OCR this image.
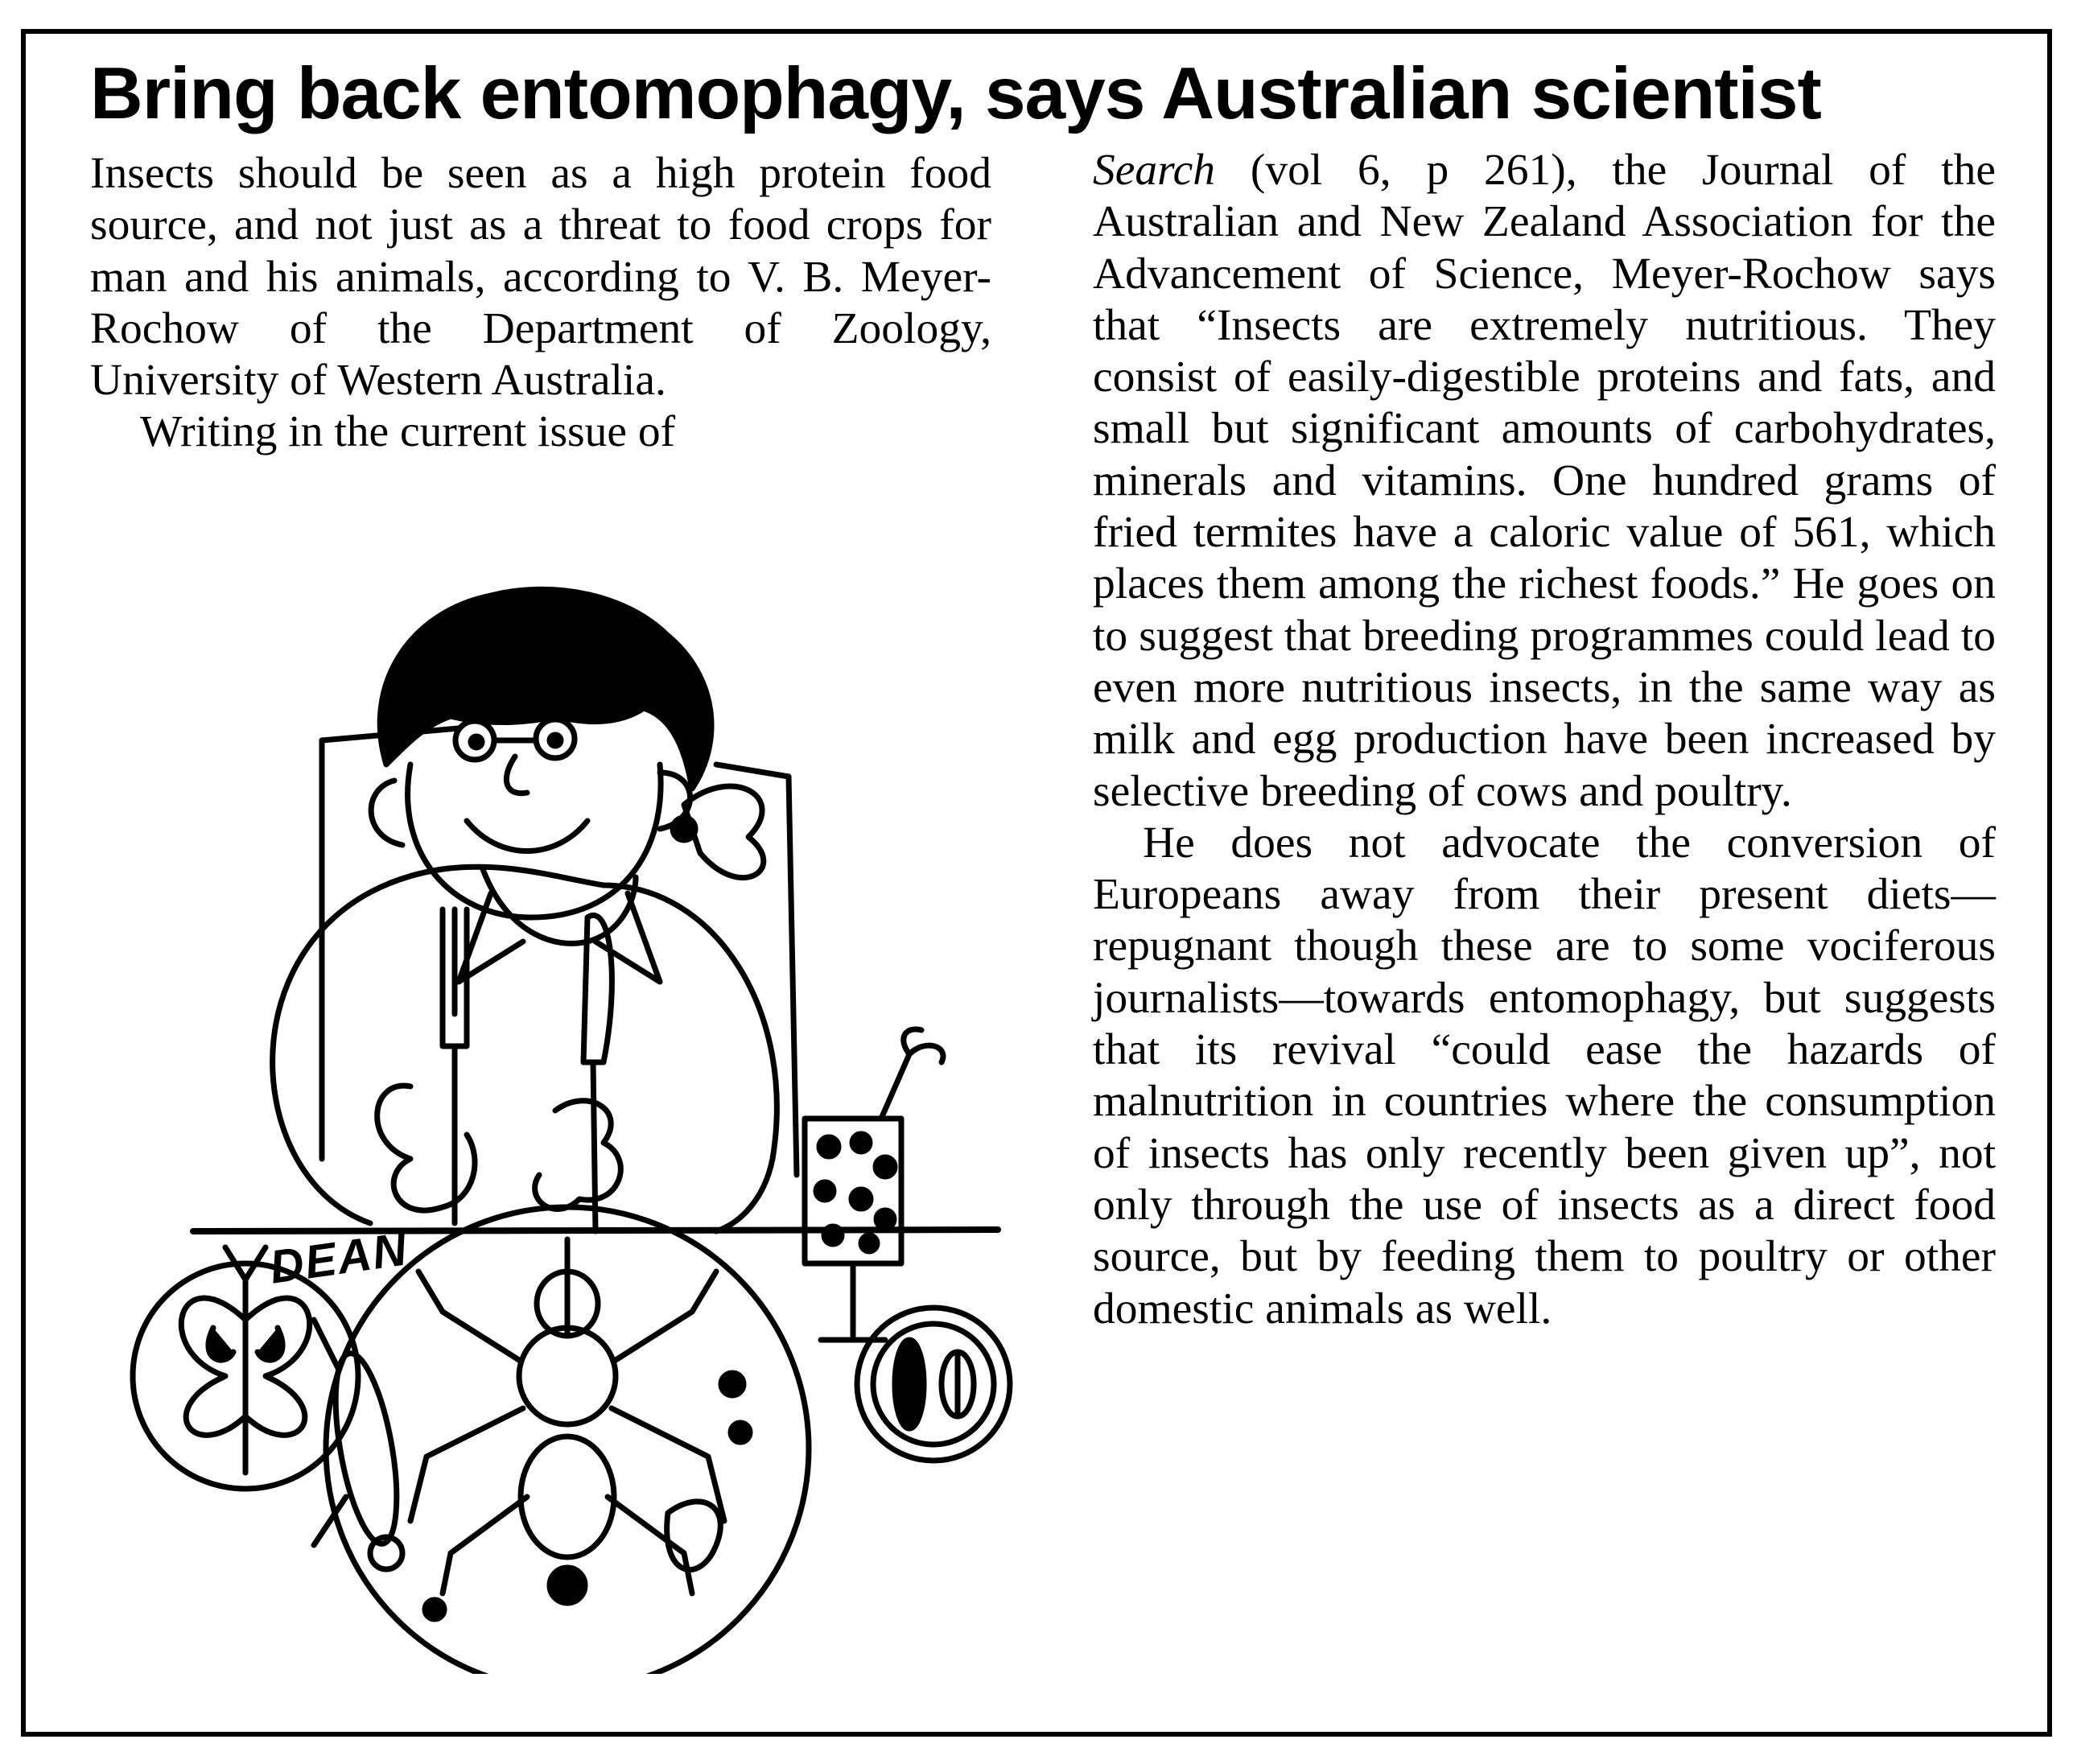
Bring back entomophagy, says Australian scientist

Insects should be seen as a high protein food source, and not just as a threat to food crops for man and his animals, according to V. B. Meyer-Rochow of the Department of Zoology, University of Western Australia.

Writing in the current issue of

DEAN

Search (vol 6, p 261), the Journal of the Australian and New Zealand Association for the Advancement of Science, Meyer-Rochow says that “Insects are extremely nutritious. They consist of easily-digestible proteins and fats, and small but significant amounts of carbohydrates, minerals and vitamins. One hundred grams of fried termites have a caloric value of 561, which places them among the richest foods.” He goes on to suggest that breeding programmes could lead to even more nutritious insects, in the same way as milk and egg production have been increased by selective breeding of cows and poultry.

He does not advocate the conversion of Europeans away from their present diets—repugnant though these are to some vociferous journalists—towards entomophagy, but suggests that its revival “could ease the hazards of malnutrition in countries where the consumption of insects has only recently been given up”, not only through the use of insects as a direct food source, but by feeding them to poultry or other domestic animals as well.
